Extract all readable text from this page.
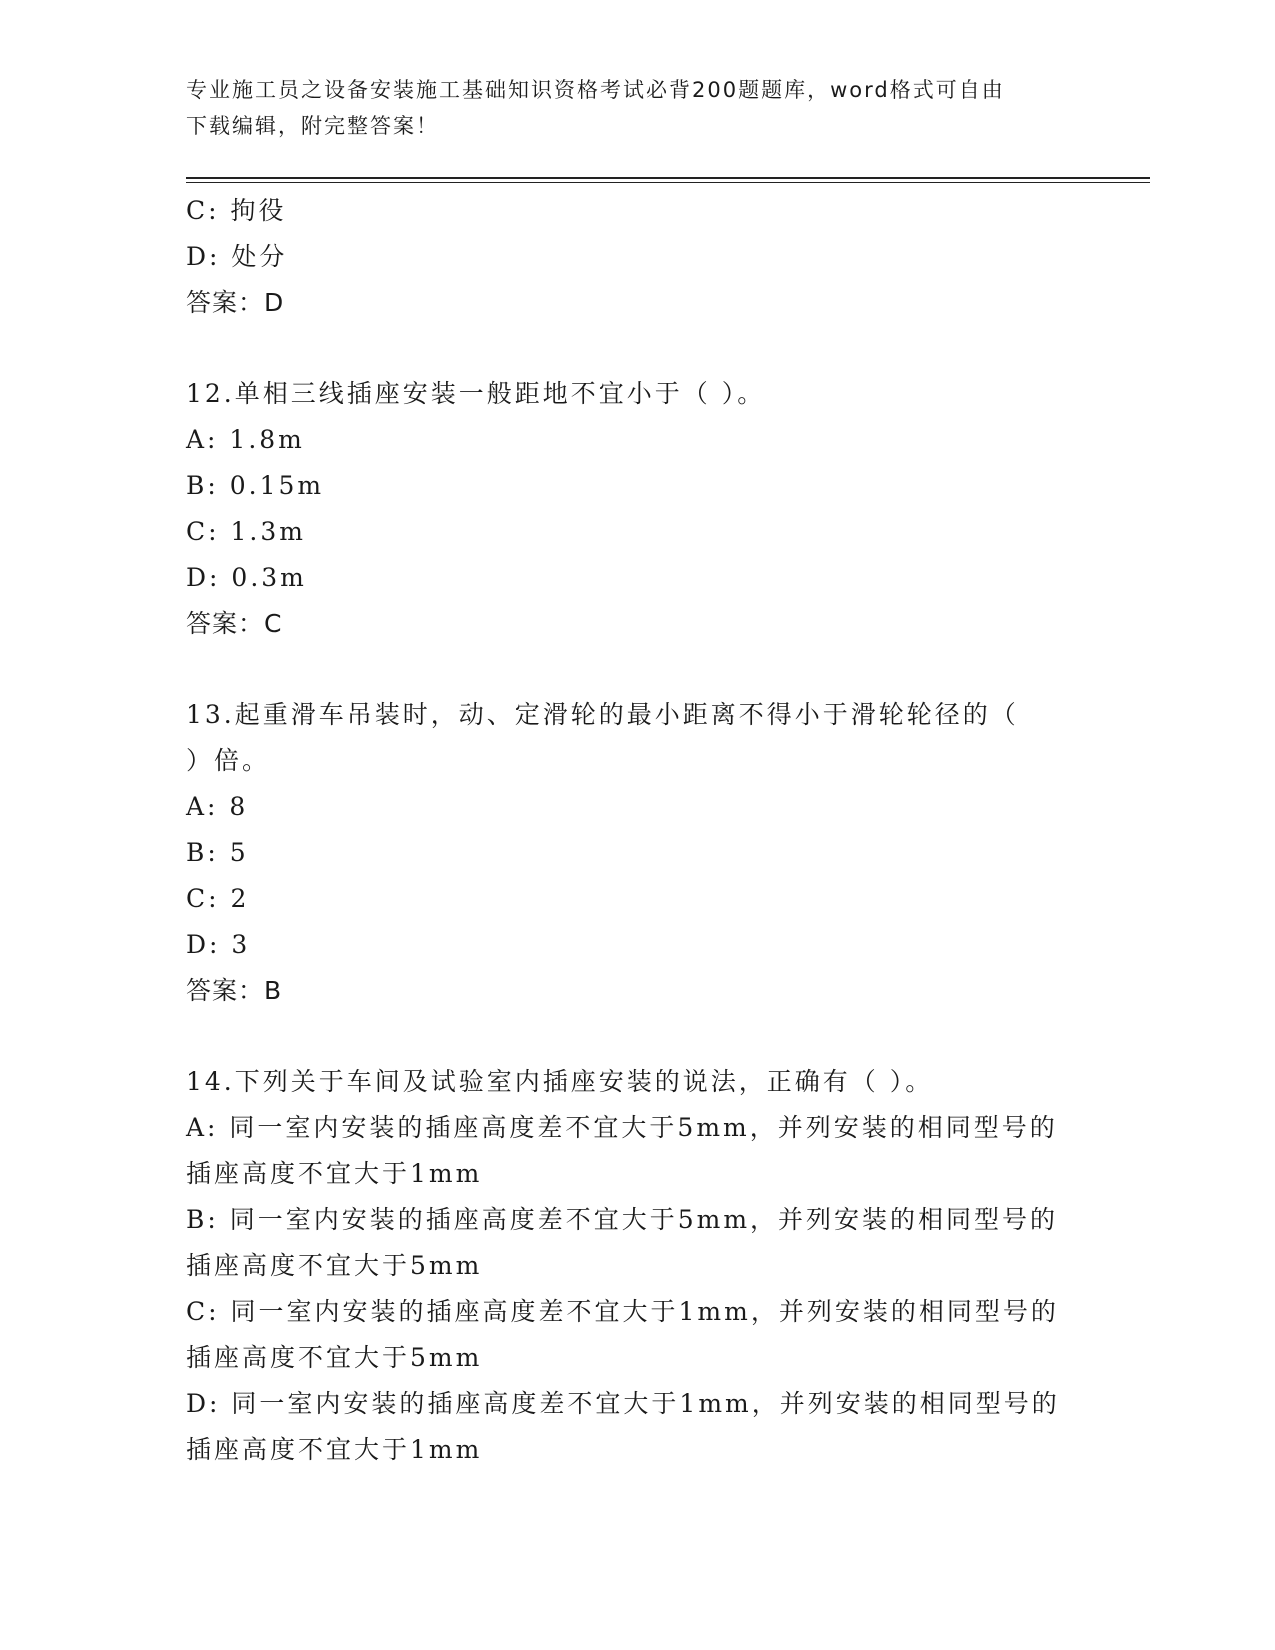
专业施工员之设备安装施工基础知识资格考试必背200题题库，word格式可自由
下载编辑，附完整答案！
C: 拘役
D: 处分
答案：D
12.单相三线插座安装一般距地不宜小于（ ）。
A: 1.8m
B: 0.15m
C: 1.3m
D: 0.3m
答案：C
13.起重滑车吊装时，动、定滑轮的最小距离不得小于滑轮轮径的（
）倍。
A: 8
B: 5
C: 2
D: 3
答案：B
14.下列关于车间及试验室内插座安装的说法，正确有（ ）。
A: 同一室内安装的插座高度差不宜大于5mm，并列安装的相同型号的
插座高度不宜大于1mm
B: 同一室内安装的插座高度差不宜大于5mm，并列安装的相同型号的
插座高度不宜大于5mm
C: 同一室内安装的插座高度差不宜大于1mm，并列安装的相同型号的
插座高度不宜大于5mm
D: 同一室内安装的插座高度差不宜大于1mm，并列安装的相同型号的
插座高度不宜大于1mm
